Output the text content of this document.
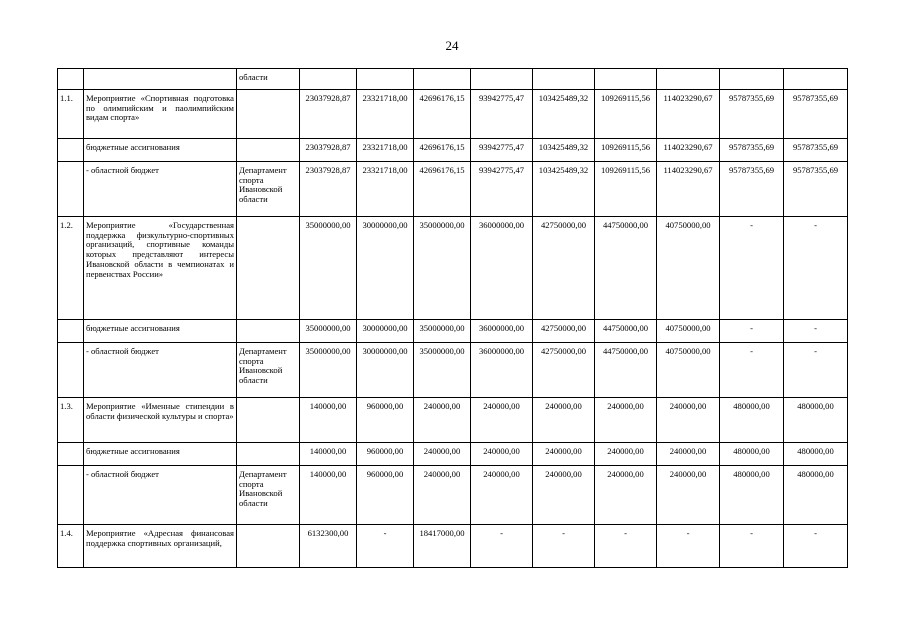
24
		области									
1.1.	Мероприятие «Спортивная подготовка по олимпийским и паолимпийским видам спорта»		23037928,87	23321718,00	42696176,15	93942775,47	103425489,32	109269115,56	114023290,67	95787355,69	95787355,69
	бюджетные ассигнования		23037928,87	23321718,00	42696176,15	93942775,47	103425489,32	109269115,56	114023290,67	95787355,69	95787355,69
	- областной бюджет	Департамент спорта Ивановской области	23037928,87	23321718,00	42696176,15	93942775,47	103425489,32	109269115,56	114023290,67	95787355,69	95787355,69
1.2.	Мероприятие «Государственная поддержка физкультурно-спортивных организаций, спортивные команды которых представляют интересы Ивановской области в чемпионатах и первенствах России»		35000000,00	30000000,00	35000000,00	36000000,00	42750000,00	44750000,00	40750000,00	-	-
	бюджетные ассигнования		35000000,00	30000000,00	35000000,00	36000000,00	42750000,00	44750000,00	40750000,00	-	-
	- областной бюджет	Департамент спорта Ивановской области	35000000,00	30000000,00	35000000,00	36000000,00	42750000,00	44750000,00	40750000,00	-	-
1.3.	Мероприятие «Именные стипендии в области физической культуры и спорта»		140000,00	960000,00	240000,00	240000,00	240000,00	240000,00	240000,00	480000,00	480000,00
	бюджетные ассигнования		140000,00	960000,00	240000,00	240000,00	240000,00	240000,00	240000,00	480000,00	480000,00
	- областной бюджет	Департамент спорта Ивановской области	140000,00	960000,00	240000,00	240000,00	240000,00	240000,00	240000,00	480000,00	480000,00
1.4.	Мероприятие «Адресная финансовая поддержка спортивных организаций,		6132300,00	-	18417000,00	-	-	-	-	-	-
